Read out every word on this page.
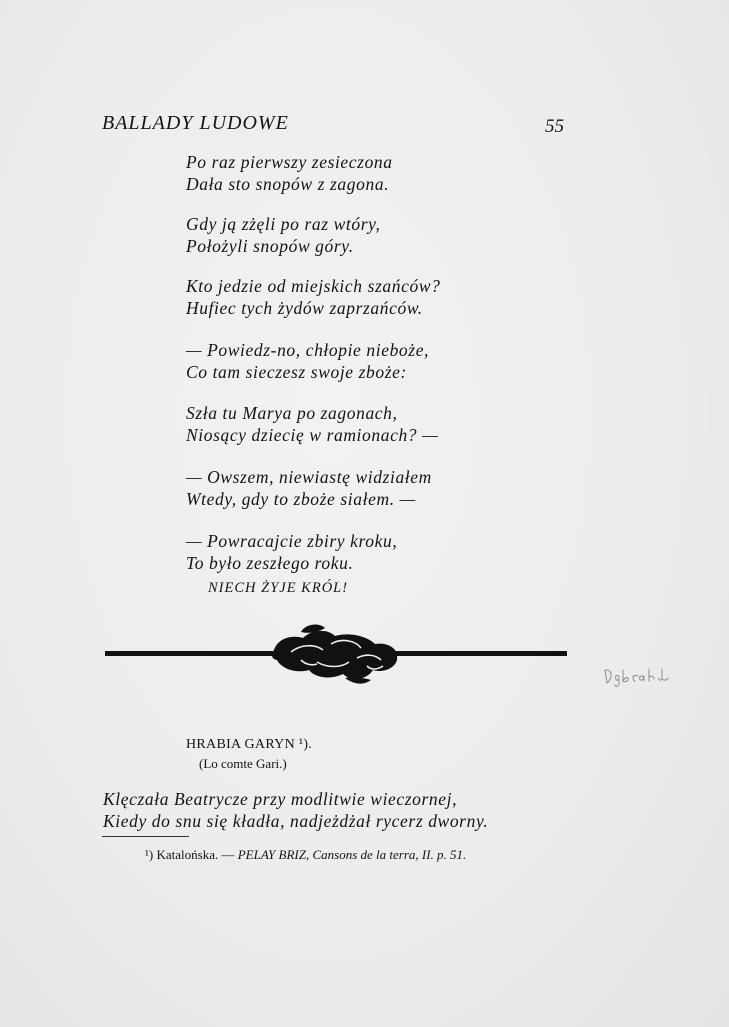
BALLADY LUDOWE	55
Po raz pierwszy zesieczona
Dała sto snopów z zagona.
Gdy ją zżęli po raz wtóry,
Położyli snopów góry.
Kto jedzie od miejskich szańców?
Hufiec tych żydów zaprzańców.
— Powiedz-no, chłopie nieboże,
Co tam sieczesz swoje zboże:
Szła tu Marya po zagonach,
Niosący dziecię w ramionach? —
— Owszem, niewiastę widziałem
Wtedy, gdy to zboże siałem. —
— Powracajcie zbiry kroku,
To było zeszłego roku.
NIECH ŻYJE KRÓL!
HRABIA GARYN ¹).
(Lo comte Gari.)
Klęczała Beatrycze przy modlitwie wieczornej,
Kiedy do snu się kładła, nadjeżdżał rycerz dworny.
¹) Katalońska. — PELAY BRIZ, Cansons de la terra, II. p. 51.
